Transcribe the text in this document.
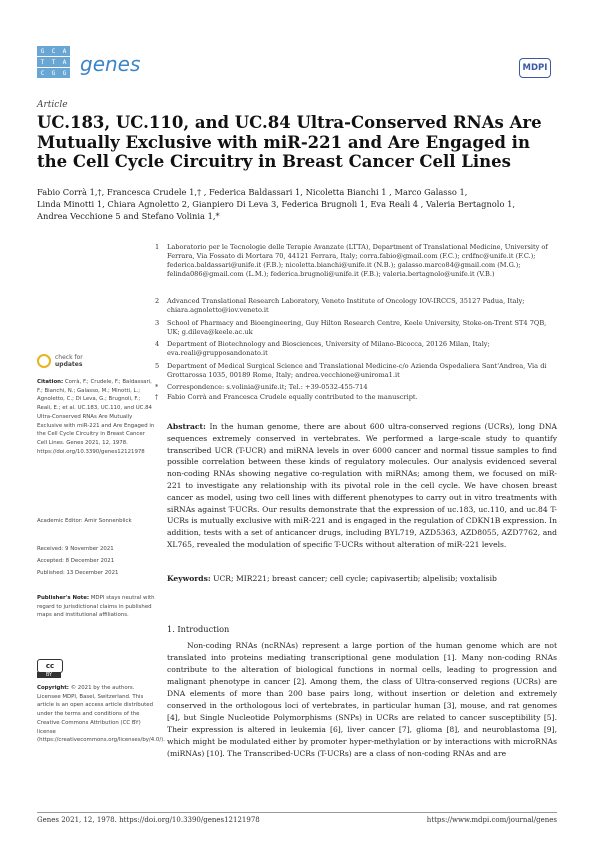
G C A
T T A
C G G genes	MDPI
Article
UC.183, UC.110, and UC.84 Ultra-Conserved RNAs Are Mutually Exclusive with miR-221 and Are Engaged in the Cell Cycle Circuitry in Breast Cancer Cell Lines
Fabio Corrà 1,†, Francesca Crudele 1,† , Federica Baldassari 1, Nicoletta Bianchi 1 , Marco Galasso 1,
Linda Minotti 1, Chiara Agnoletto 2, Gianpiero Di Leva 3, Federica Brugnoli 1, Eva Reali 4 , Valeria Bertagnolo 1,
Andrea Vecchione 5 and Stefano Volinia 1,*
1 Laboratorio per le Tecnologie delle Terapie Avanzate (LTTA), Department of Translational Medicine, University of Ferrara, Via Fossato di Mortara 70, 44121 Ferrara, Italy; corra.fabio@gmail.com (F.C.); crdfnc@unife.it (F.C.); federica.baldassari@unife.it (F.B.); nicoletta.bianchi@unife.it (N.B.); galasso.marco84@gmail.com (M.G.); felinda086@gmail.com (L.M.); federica.brugnoli@unife.it (F.B.); valeria.bertagnolo@unife.it (V.B.)
2 Advanced Translational Research Laboratory, Veneto Institute of Oncology IOV-IRCCS, 35127 Padua, Italy; chiara.agnoletto@iov.veneto.it
3 School of Pharmacy and Bioengineering, Guy Hilton Research Centre, Keele University, Stoke-on-Trent ST4 7QB, UK; g.dileva@keele.ac.uk
4 Department of Biotechnology and Biosciences, University of Milano-Bicocca, 20126 Milan, Italy; eva.reali@grupposandonato.it
5 Department of Medical Surgical Science and Translational Medicine-c/o Azienda Ospedaliera Sant'Andrea, Via di Grottarossa 1035, 00189 Rome, Italy; andrea.vecchione@uniroma1.it
* Correspondence: s.volinia@unife.it; Tel.: +39-0532-455-714
† Fabio Corrà and Francesca Crudele equally contributed to the manuscript.
check for
updates
Citation: Corrà, F.; Crudele, F.; Baldassari, F.; Bianchi, N.; Galasso, M.; Minotti, L.; Agnoletto, C.; Di Leva, G.; Brugnoli, F.; Reali, E.; et al. UC.183, UC.110, and UC.84 Ultra-Conserved RNAs Are Mutually Exclusive with miR-221 and Are Engaged in the Cell Cycle Circuitry in Breast Cancer Cell Lines. Genes 2021, 12, 1978. https://doi.org/10.3390/genes12121978
Academic Editor: Amir Sonnenblick
Received: 9 November 2021
Accepted: 8 December 2021
Published: 13 December 2021
Publisher's Note: MDPI stays neutral with regard to jurisdictional claims in published maps and institutional affiliations.
cc
BY
Copyright: © 2021 by the authors. Licensee MDPI, Basel, Switzerland. This article is an open access article distributed under the terms and conditions of the Creative Commons Attribution (CC BY) license (https://creativecommons.org/licenses/by/4.0/).
Abstract: In the human genome, there are about 600 ultra-conserved regions (UCRs), long DNA sequences extremely conserved in vertebrates. We performed a large-scale study to quantify transcribed UCR (T-UCR) and miRNA levels in over 6000 cancer and normal tissue samples to find possible correlation between these kinds of regulatory molecules. Our analysis evidenced several non-coding RNAs showing negative co-regulation with miRNAs; among them, we focused on miR-221 to investigate any relationship with its pivotal role in the cell cycle. We have chosen breast cancer as model, using two cell lines with different phenotypes to carry out in vitro treatments with siRNAs against T-UCRs. Our results demonstrate that the expression of uc.183, uc.110, and uc.84 T-UCRs is mutually exclusive with miR-221 and is engaged in the regulation of CDKN1B expression. In addition, tests with a set of anticancer drugs, including BYL719, AZD5363, AZD8055, AZD7762, and XL765, revealed the modulation of specific T-UCRs without alteration of miR-221 levels.
Keywords: UCR; MIR221; breast cancer; cell cycle; capivasertib; alpelisib; voxtalisib
1. Introduction
Non-coding RNAs (ncRNAs) represent a large portion of the human genome which are not translated into proteins mediating transcriptional gene modulation [1]. Many non-coding RNAs contribute to the alteration of biological functions in normal cells, leading to progression and malignant phenotype in cancer [2]. Among them, the class of Ultra-conserved regions (UCRs) are DNA elements of more than 200 base pairs long, without insertion or deletion and extremely conserved in the orthologous loci of vertebrates, in particular human [3], mouse, and rat genomes [4], but Single Nucleotide Polymorphisms (SNPs) in UCRs are related to cancer susceptibility [5]. Their expression is altered in leukemia [6], liver cancer [7], glioma [8], and neuroblastoma [9], which might be modulated either by promoter hyper-methylation or by interactions with microRNAs (miRNAs) [10]. The Transcribed-UCRs (T-UCRs) are a class of non-coding RNAs and are
Genes 2021, 12, 1978. https://doi.org/10.3390/genes12121978	https://www.mdpi.com/journal/genes
